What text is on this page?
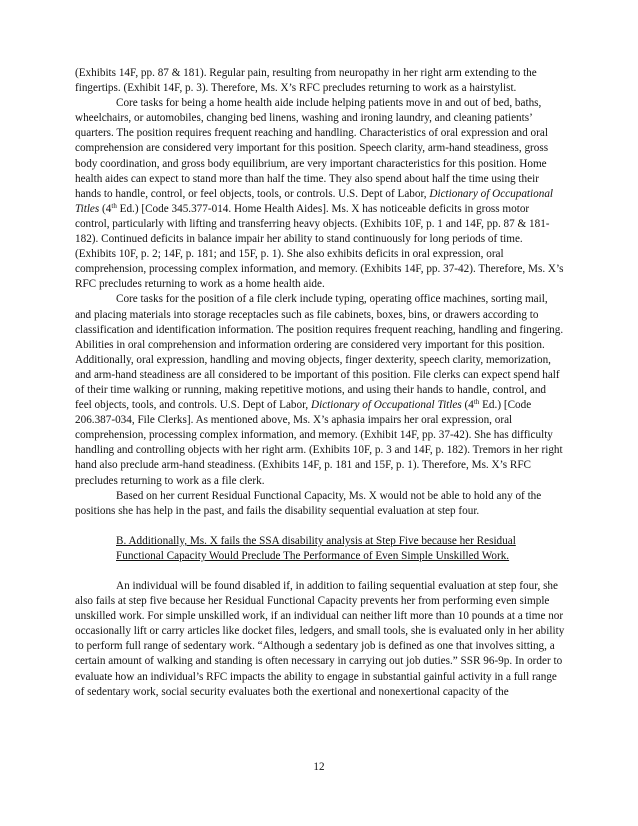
(Exhibits 14F, pp. 87 & 181). Regular pain, resulting from neuropathy in her right arm extending to the fingertips. (Exhibit 14F, p. 3). Therefore, Ms. X’s RFC precludes returning to work as a hairstylist.

Core tasks for being a home health aide include helping patients move in and out of bed, baths, wheelchairs, or automobiles, changing bed linens, washing and ironing laundry, and cleaning patients’ quarters. The position requires frequent reaching and handling. Characteristics of oral expression and oral comprehension are considered very important for this position. Speech clarity, arm-hand steadiness, gross body coordination, and gross body equilibrium, are very important characteristics for this position. Home health aides can expect to stand more than half the time. They also spend about half the time using their hands to handle, control, or feel objects, tools, or controls. U.S. Dept of Labor, Dictionary of Occupational Titles (4th Ed.) [Code 345.377-014. Home Health Aides]. Ms. X has noticeable deficits in gross motor control, particularly with lifting and transferring heavy objects. (Exhibits 10F, p. 1 and 14F, pp. 87 & 181-182). Continued deficits in balance impair her ability to stand continuously for long periods of time. (Exhibits 10F, p. 2; 14F, p. 181; and 15F, p. 1). She also exhibits deficits in oral expression, oral comprehension, processing complex information, and memory. (Exhibits 14F, pp. 37-42). Therefore, Ms. X’s RFC precludes returning to work as a home health aide.

Core tasks for the position of a file clerk include typing, operating office machines, sorting mail, and placing materials into storage receptacles such as file cabinets, boxes, bins, or drawers according to classification and identification information. The position requires frequent reaching, handling and fingering. Abilities in oral comprehension and information ordering are considered very important for this position. Additionally, oral expression, handling and moving objects, finger dexterity, speech clarity, memorization, and arm-hand steadiness are all considered to be important of this position. File clerks can expect spend half of their time walking or running, making repetitive motions, and using their hands to handle, control, and feel objects, tools, and controls. U.S. Dept of Labor, Dictionary of Occupational Titles (4th Ed.) [Code 206.387-034, File Clerks]. As mentioned above, Ms. X’s aphasia impairs her oral expression, oral comprehension, processing complex information, and memory. (Exhibit 14F, pp. 37-42). She has difficulty handling and controlling objects with her right arm. (Exhibits 10F, p. 3 and 14F, p. 182). Tremors in her right hand also preclude arm-hand steadiness. (Exhibits 14F, p. 181 and 15F, p. 1). Therefore, Ms. X’s RFC precludes returning to work as a file clerk.

Based on her current Residual Functional Capacity, Ms. X would not be able to hold any of the positions she has help in the past, and fails the disability sequential evaluation at step four.

B. Additionally, Ms. X fails the SSA disability analysis at Step Five because her Residual Functional Capacity Would Preclude The Performance of Even Simple Unskilled Work.

An individual will be found disabled if, in addition to failing sequential evaluation at step four, she also fails at step five because her Residual Functional Capacity prevents her from performing even simple unskilled work. For simple unskilled work, if an individual can neither lift more than 10 pounds at a time nor occasionally lift or carry articles like docket files, ledgers, and small tools, she is evaluated only in her ability to perform full range of sedentary work. “Although a sedentary job is defined as one that involves sitting, a certain amount of walking and standing is often necessary in carrying out job duties.” SSR 96-9p. In order to evaluate how an individual’s RFC impacts the ability to engage in substantial gainful activity in a full range of sedentary work, social security evaluates both the exertional and nonexertional capacity of the

12
